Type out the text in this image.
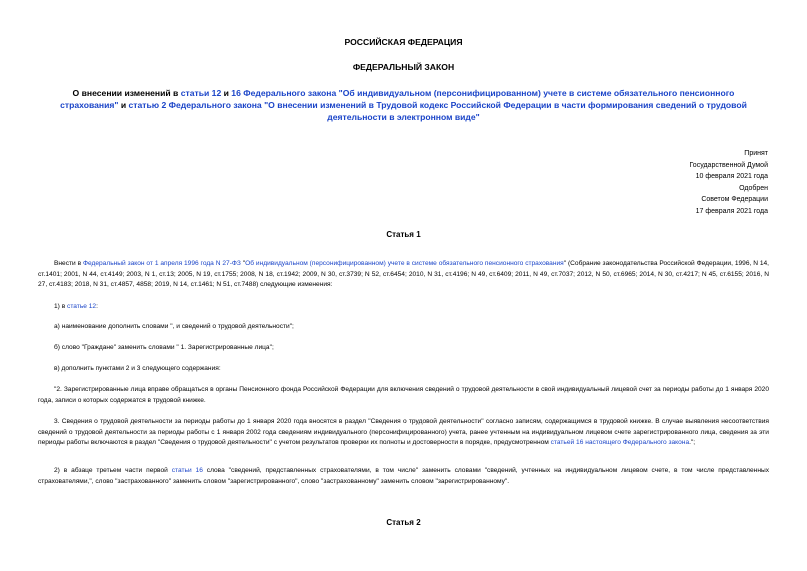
РОССИЙСКАЯ ФЕДЕРАЦИЯ
ФЕДЕРАЛЬНЫЙ ЗАКОН
О внесении изменений в статьи 12 и 16 Федерального закона "Об индивидуальном (персонифицированном) учете в системе обязательного пенсионного страхования" и статью 2 Федерального закона "О внесении изменений в Трудовой кодекс Российской Федерации в части формирования сведений о трудовой деятельности в электронном виде"
Принят
Государственной Думой
10 февраля 2021 года
Одобрен
Советом Федерации
17 февраля 2021 года
Статья 1
Внести в Федеральный закон от 1 апреля 1996 года N 27-ФЗ "Об индивидуальном (персонифицированном) учете в системе обязательного пенсионного страхования" (Собрание законодательства Российской Федерации, 1996, N 14, ст.1401; 2001, N 44, ст.4149; 2003, N 1, ст.13; 2005, N 19, ст.1755; 2008, N 18, ст.1942; 2009, N 30, ст.3739; N 52, ст.6454; 2010, N 31, ст.4196; N 49, ст.6409; 2011, N 49, ст.7037; 2012, N 50, ст.6965; 2014, N 30, ст.4217; N 45, ст.6155; 2016, N 27, ст.4183; 2018, N 31, ст.4857, 4858; 2019, N 14, ст.1461; N 51, ст.7488) следующие изменения:
1) в статье 12:
а) наименование дополнить словами ", и сведений о трудовой деятельности";
б) слово "Граждане" заменить словами " 1. Зарегистрированные лица";
в) дополнить пунктами 2 и 3 следующего содержания:
"2. Зарегистрированные лица вправе обращаться в органы Пенсионного фонда Российской Федерации для включения сведений о трудовой деятельности в свой индивидуальный лицевой счет за периоды работы до 1 января 2020 года, записи о которых содержатся в трудовой книжке.
3. Сведения о трудовой деятельности за периоды работы до 1 января 2020 года вносятся в раздел "Сведения о трудовой деятельности" согласно записям, содержащимся в трудовой книжке. В случае выявления несоответствия сведений о трудовой деятельности за периоды работы с 1 января 2002 года сведениям индивидуального (персонифицированного) учета, ранее учтенным на индивидуальном лицевом счете зарегистрированного лица, сведения за эти периоды работы включаются в раздел "Сведения о трудовой деятельности" с учетом результатов проверки их полноты и достоверности в порядке, предусмотренном статьей 16 настоящего Федерального закона.";
2) в абзаце третьем части первой статьи 16 слова "сведений, представленных страхователями, в том числе" заменить словами "сведений, учтенных на индивидуальном лицевом счете, в том числе представленных страхователями,", слово "застрахованного" заменить словом "зарегистрированного", слово "застрахованному" заменить словом "зарегистрированному".
Статья 2
